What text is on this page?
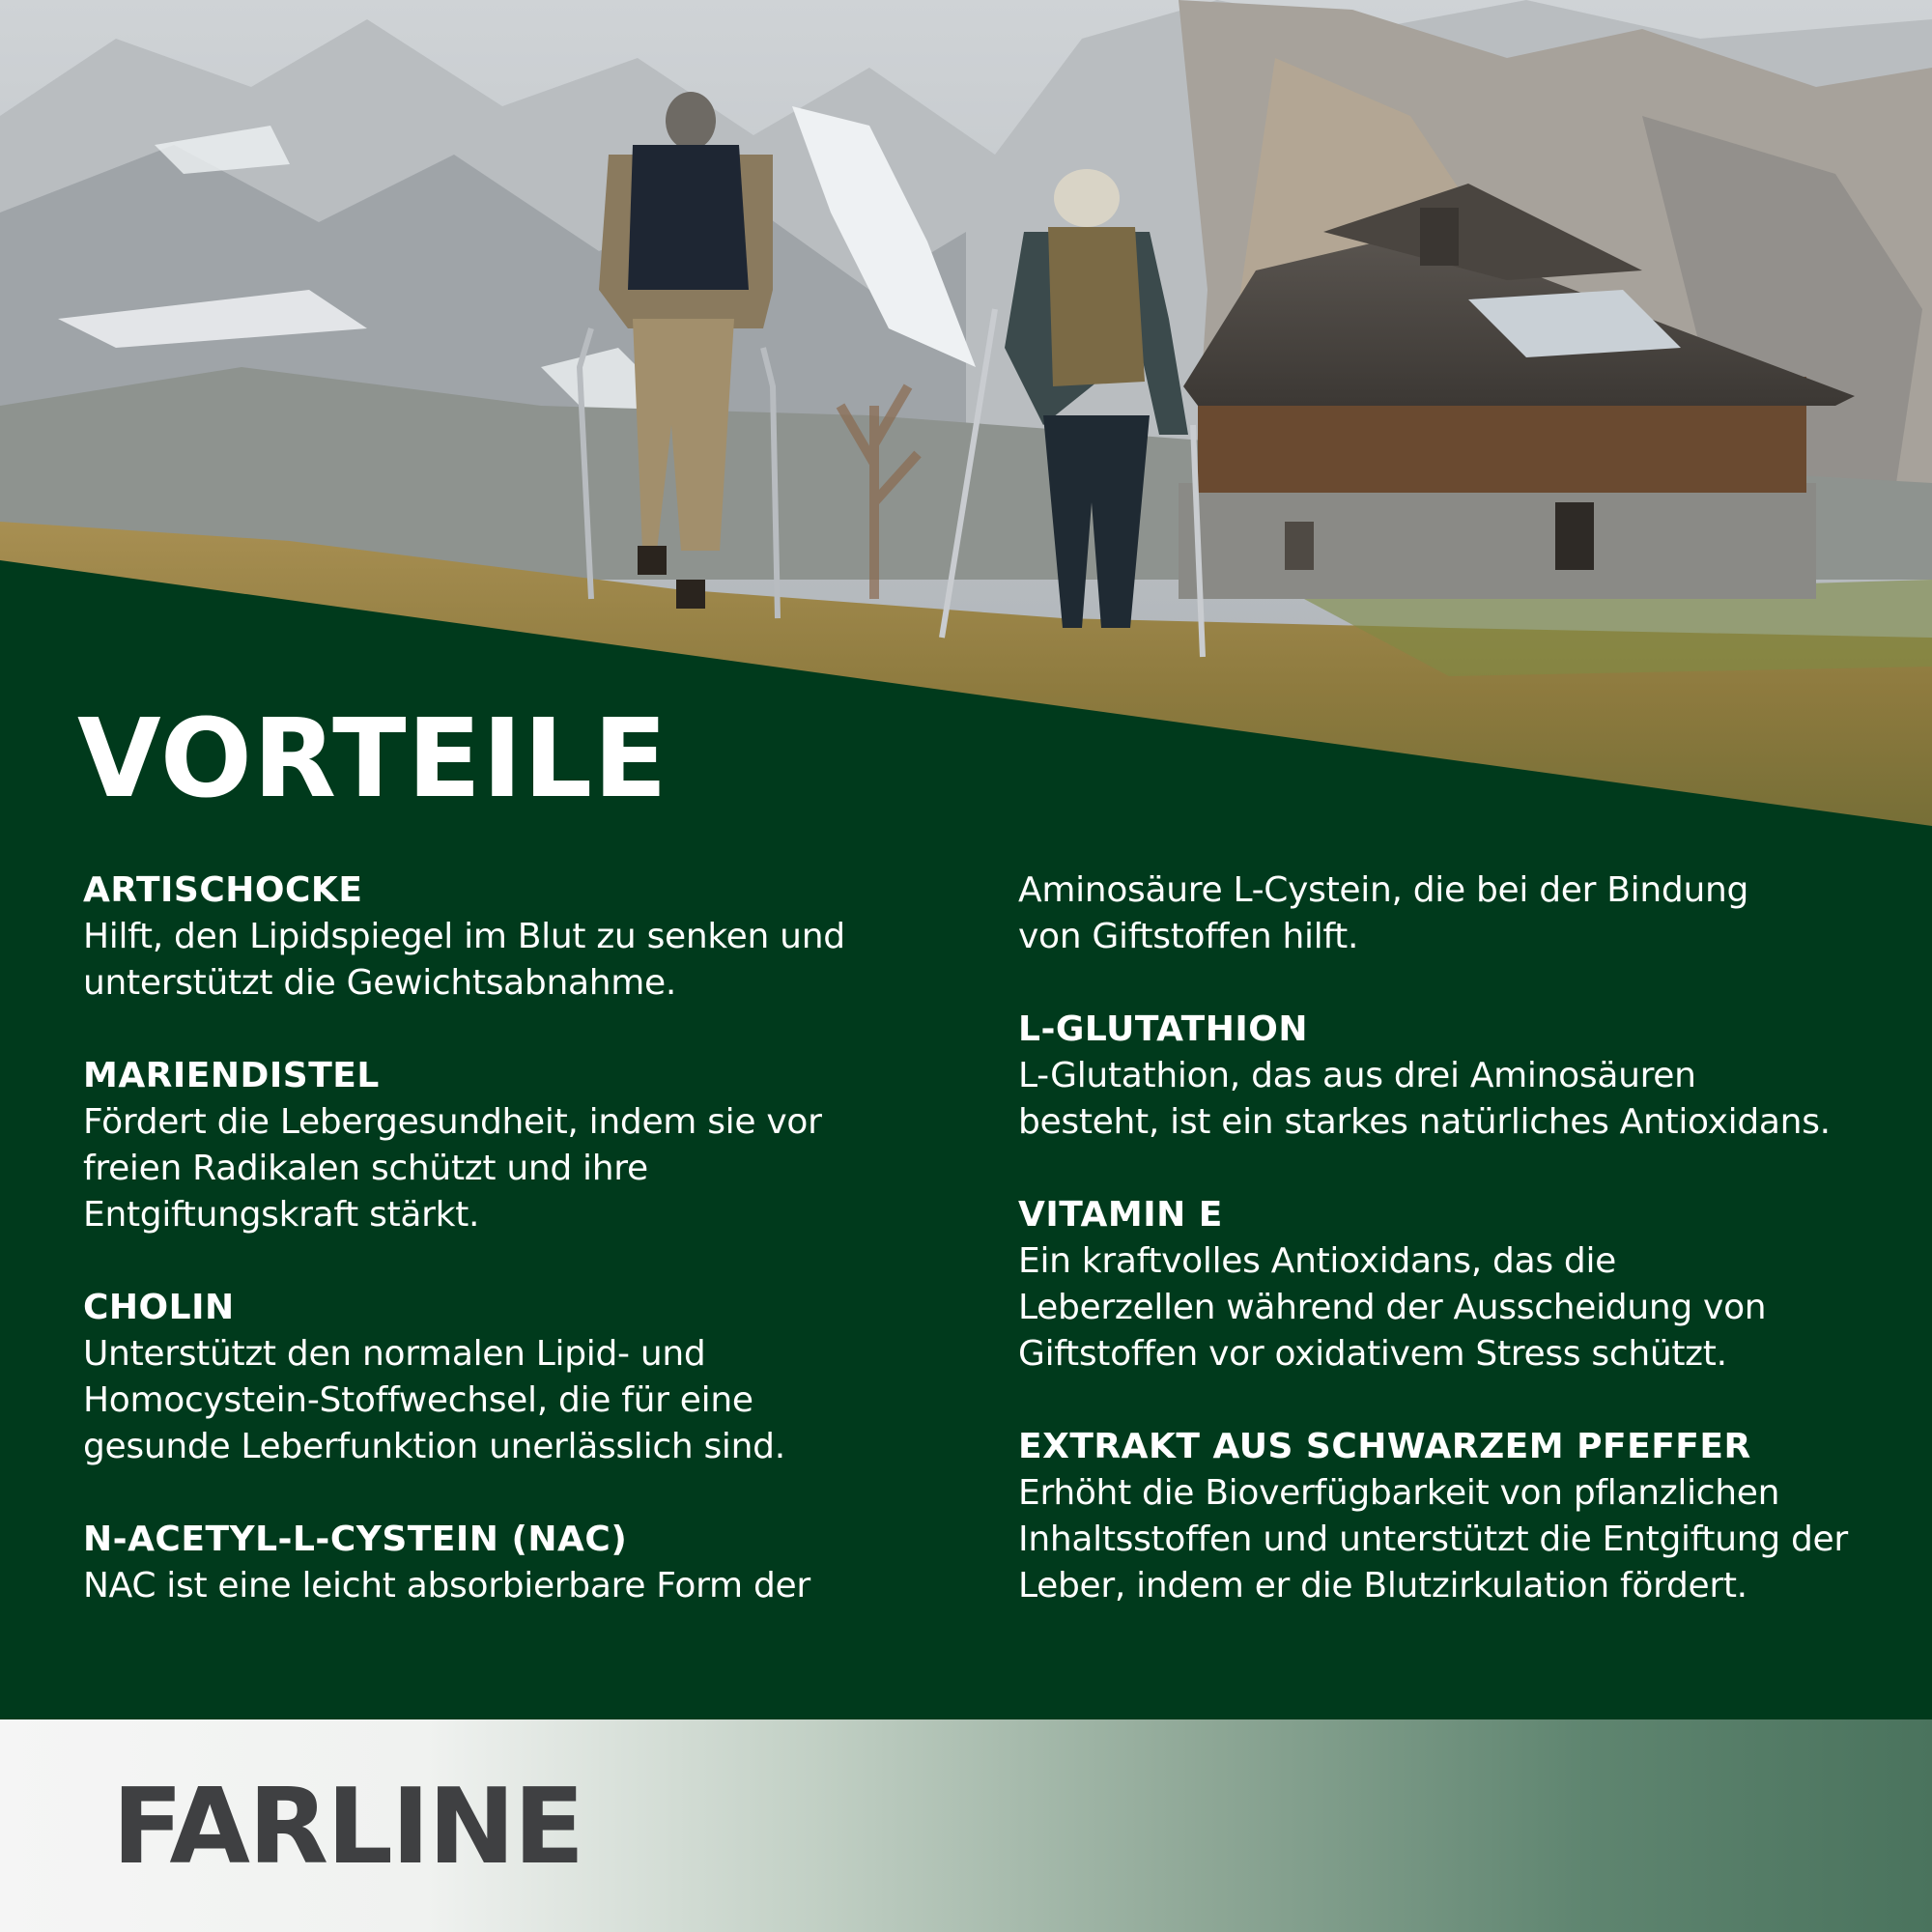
VORTEILE
ARTISCHOCKE
Hilft, den Lipidspiegel im Blut zu senken und
unterstützt die Gewichtsabnahme.
MARIENDISTEL
Fördert die Lebergesundheit, indem sie vor
freien Radikalen schützt und ihre
Entgiftungskraft stärkt.
CHOLIN
Unterstützt den normalen Lipid- und
Homocystein-Stoffwechsel, die für eine
gesunde Leberfunktion unerlässlich sind.
N-ACETYL-L-CYSTEIN (NAC)
NAC ist eine leicht absorbierbare Form der
Aminosäure L-Cystein, die bei der Bindung
von Giftstoffen hilft.
L-GLUTATHION
L-Glutathion, das aus drei Aminosäuren
besteht, ist ein starkes natürliches Antioxidans.
VITAMIN E
Ein kraftvolles Antioxidans, das die
Leberzellen während der Ausscheidung von
Giftstoffen vor oxidativem Stress schützt.
EXTRAKT AUS SCHWARZEM PFEFFER
Erhöht die Bioverfügbarkeit von pflanzlichen
Inhaltsstoffen und unterstützt die Entgiftung der
Leber, indem er die Blutzirkulation fördert.
FARLINE
